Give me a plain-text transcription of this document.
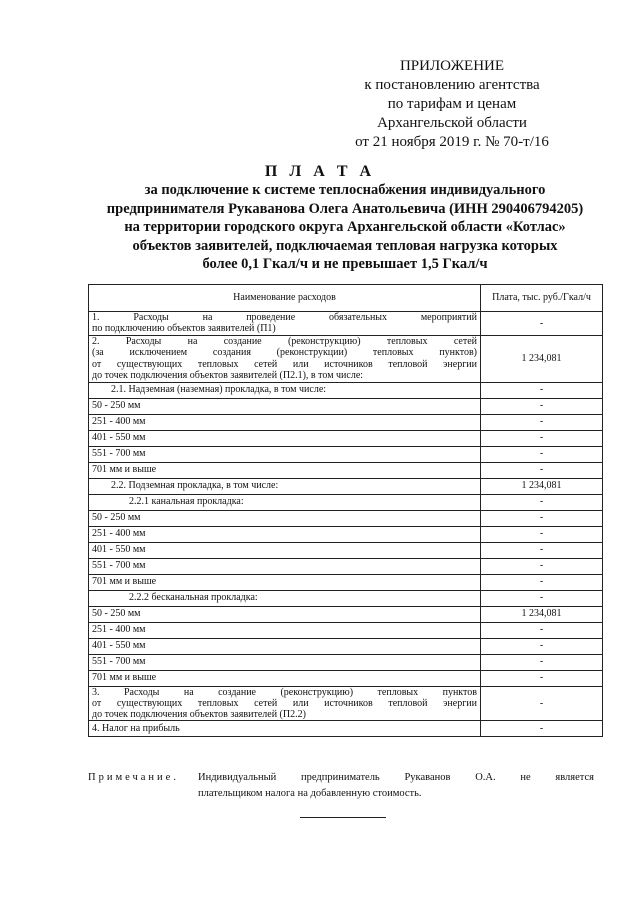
ПРИЛОЖЕНИЕ
к постановлению агентства
по тарифам и ценам
Архангельской области
от 21 ноября 2019 г. № 70-т/16
П Л А Т А
за подключение к системе теплоснабжения индивидуального
предпринимателя Рукаванова Олега Анатольевича (ИНН 290406794205)
на территории городского округа Архангельской области «Котлас»
объектов заявителей, подключаемая тепловая нагрузка которых
более 0,1 Гкал/ч и не превышает 1,5 Гкал/ч
Наименование расходов	Плата, тыс. руб./Гкал/ч

1. Расходы на проведение обязательных мероприятий
по подключению объектов заявителей (П1)	-

2. Расходы на создание (реконструкцию) тепловых сетей
(за исключением создания (реконструкции) тепловых пунктов)
от существующих тепловых сетей или источников тепловой энергии
до точек подключения объектов заявителей (П2.1), в том числе:	1 234,081
2.1. Надземная (наземная) прокладка, в том числе:	-
50 - 250 мм	-
251 - 400 мм	-
401 - 550 мм	-
551 - 700 мм	-
701 мм и выше	-
2.2. Подземная прокладка, в том числе:	1 234,081
2.2.1 канальная прокладка:	-
50 - 250 мм	-
251 - 400 мм	-
401 - 550 мм	-
551 - 700 мм	-
701 мм и выше	-
2.2.2 бесканальная прокладка:	-
50 - 250 мм	1 234,081
251 - 400 мм	-
401 - 550 мм	-
551 - 700 мм	-
701 мм и выше	-

3. Расходы на создание (реконструкцию) тепловых пунктов
от существующих тепловых сетей или источников тепловой энергии
до точек подключения объектов заявителей (П2.2)	-
4. Налог на прибыль	-
Примечание. Индивидуальный предприниматель Рукаванов О.А. не является
плательщиком налога на добавленную стоимость.
